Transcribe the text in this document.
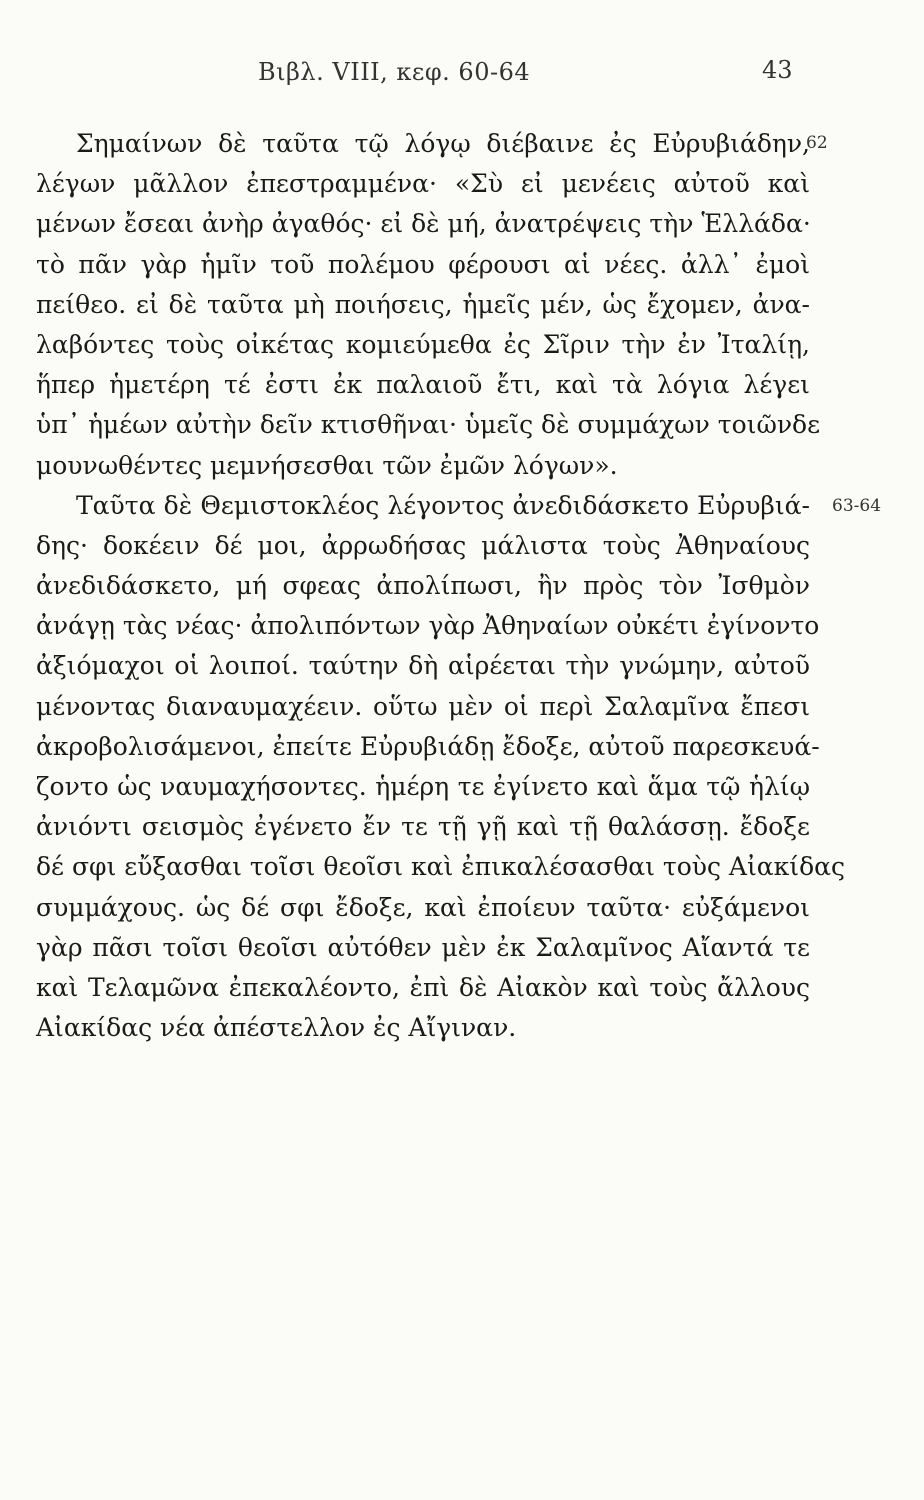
Βιβλ. VIII, κεφ. 60-64	43
62
63-64
Σημαίνων δὲ ταῦτα τῷ λόγῳ διέβαινε ἐς Εὐρυβιάδην,
λέγων μᾶλλον ἐπεστραμμένα· «Σὺ εἰ μενέεις αὐτοῦ καὶ
μένων ἔσεαι ἀνὴρ ἀγαθός· εἰ δὲ μή, ἀνατρέψεις τὴν Ἑλλάδα·
τὸ πᾶν γὰρ ἡμῖν τοῦ πολέμου φέρουσι αἱ νέες. ἀλλ᾽ ἐμοὶ
πείθεο. εἰ δὲ ταῦτα μὴ ποιήσεις, ἡμεῖς μέν, ὡς ἔχομεν, ἀνα-
λαβόντες τοὺς οἰκέτας κομιεύμεθα ἐς Σῖριν τὴν ἐν Ἰταλίῃ,
ἥπερ ἡμετέρη τέ ἐστι ἐκ παλαιοῦ ἔτι, καὶ τὰ λόγια λέγει
ὑπ᾽ ἡμέων αὐτὴν δεῖν κτισθῆναι· ὑμεῖς δὲ συμμάχων τοιῶνδε
μουνωθέντες μεμνήσεσθαι τῶν ἐμῶν λόγων».
Ταῦτα δὲ Θεμιστοκλέος λέγοντος ἀνεδιδάσκετο Εὐρυβιά-
δης· δοκέειν δέ μοι, ἀρρωδήσας μάλιστα τοὺς Ἀθηναίους
ἀνεδιδάσκετο, μή σφεας ἀπολίπωσι, ἢν πρὸς τὸν Ἰσθμὸν
ἀνάγῃ τὰς νέας· ἀπολιπόντων γὰρ Ἀθηναίων οὐκέτι ἐγίνοντο
ἀξιόμαχοι οἱ λοιποί. ταύτην δὴ αἱρέεται τὴν γνώμην, αὐτοῦ
μένοντας διαναυμαχέειν. οὕτω μὲν οἱ περὶ Σαλαμῖνα ἔπεσι
ἀκροβολισάμενοι, ἐπείτε Εὐρυβιάδῃ ἔδοξε, αὐτοῦ παρεσκευά-
ζοντο ὡς ναυμαχήσοντες. ἡμέρη τε ἐγίνετο καὶ ἅμα τῷ ἡλίῳ
ἀνιόντι σεισμὸς ἐγένετο ἔν τε τῇ γῇ καὶ τῇ θαλάσσῃ. ἔδοξε
δέ σφι εὔξασθαι τοῖσι θεοῖσι καὶ ἐπικαλέσασθαι τοὺς Αἰακίδας
συμμάχους. ὡς δέ σφι ἔδοξε, καὶ ἐποίευν ταῦτα· εὐξάμενοι
γὰρ πᾶσι τοῖσι θεοῖσι αὐτόθεν μὲν ἐκ Σαλαμῖνος Αἴαντά τε
καὶ Τελαμῶνα ἐπεκαλέοντο, ἐπὶ δὲ Αἰακὸν καὶ τοὺς ἄλλους
Αἰακίδας νέα ἀπέστελλον ἐς Αἴγιναν.
